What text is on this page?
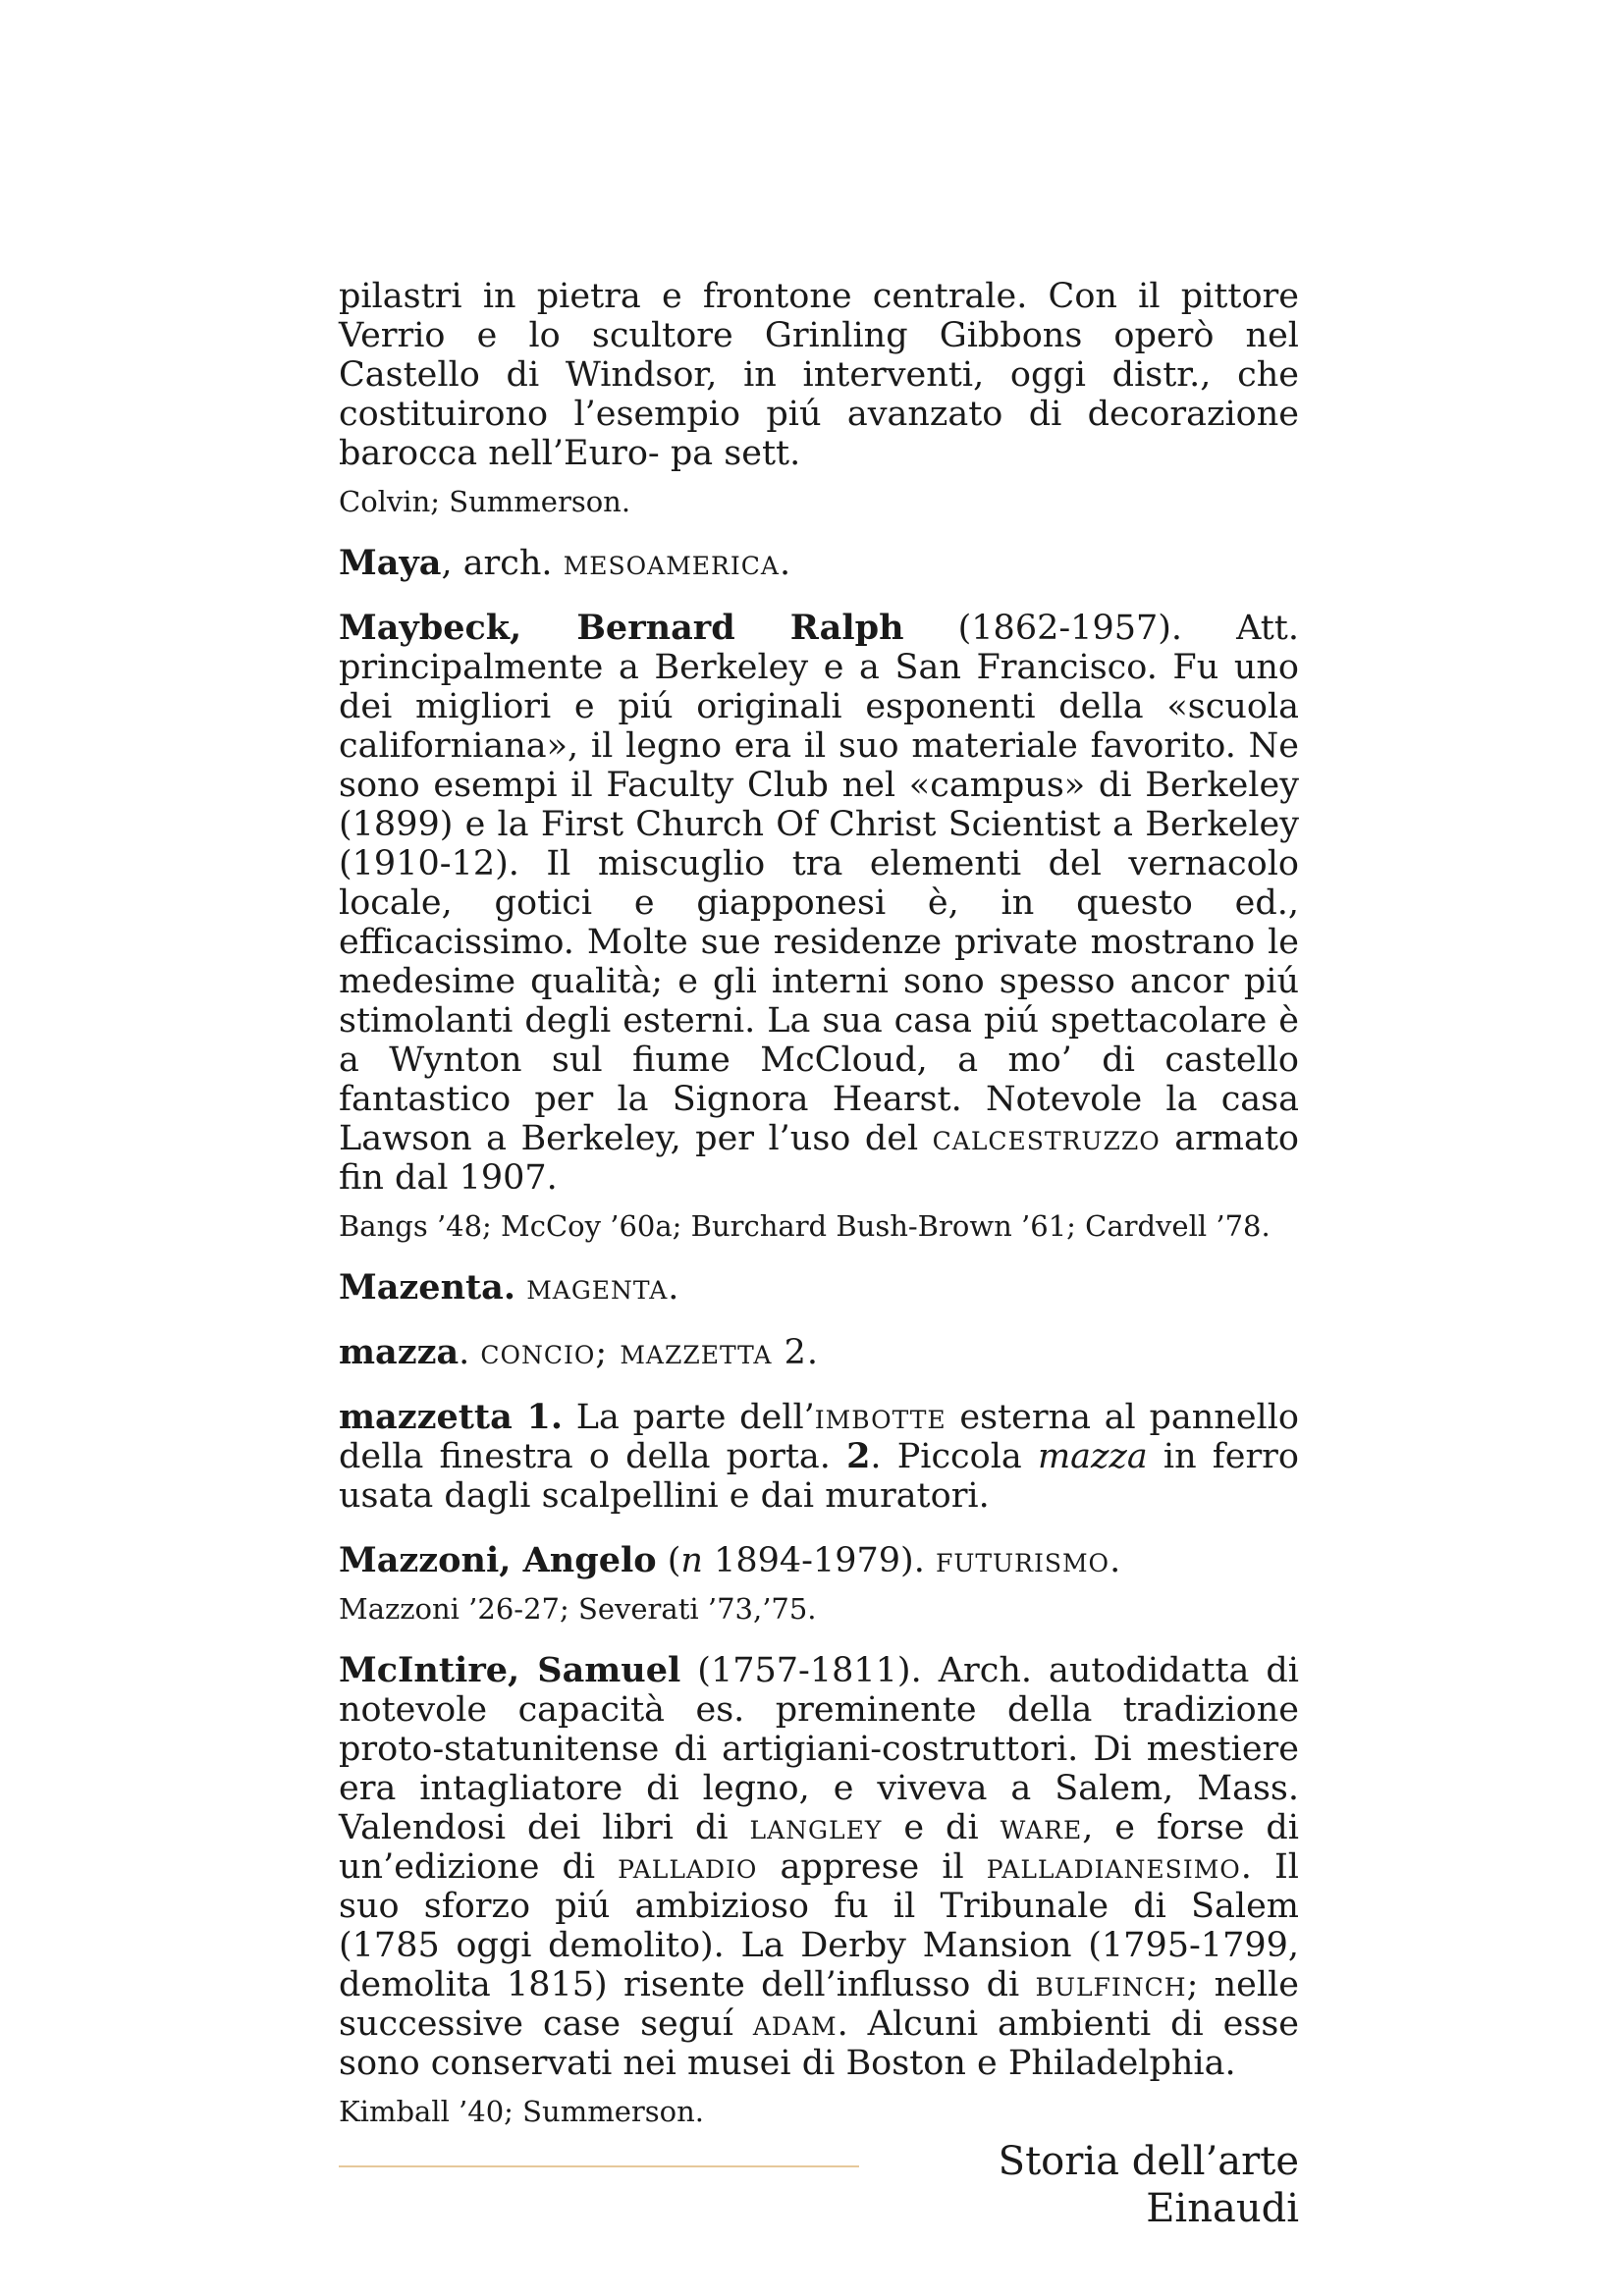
pilastri in pietra e frontone centrale. Con il pittore Verrio e lo scultore Grinling Gibbons operò nel Castello di Windsor, in interventi, oggi distr., che costituirono l’esempio piú avanzato di decorazione barocca nell’Euro- pa sett.

Colvin; Summerson.

Maya, arch. mesoamerica.

Maybeck, Bernard Ralph (1862-1957). Att. principalmente a Berkeley e a San Francisco. Fu uno dei migliori e piú originali esponenti della «scuola californiana», il legno era il suo materiale favorito. Ne sono esempi il Faculty Club nel «campus» di Berkeley (1899) e la First Church Of Christ Scientist a Berkeley (1910-12). Il miscuglio tra elementi del vernacolo locale, gotici e giapponesi è, in questo ed., efficacissimo. Molte sue residenze private mostrano le medesime qualità; e gli interni sono spesso ancor piú stimolanti degli esterni. La sua casa piú spettacolare è a Wynton sul fiume McCloud, a mo’ di castello fantastico per la Signora Hearst. Notevole la casa Lawson a Berkeley, per l’uso del calcestruzzo armato fin dal 1907.

Bangs ’48; McCoy ’60a; Burchard Bush-Brown ’61; Cardvell ’78.

Mazenta. magenta.

mazza. concio; mazzetta 2.

mazzetta 1. La parte dell’imbotte esterna al pannello della finestra o della porta. 2. Piccola mazza in ferro usata dagli scalpellini e dai muratori.

Mazzoni, Angelo (n 1894-1979). futurismo.

Mazzoni ’26-27; Severati ’73,’75.

McIntire, Samuel (1757-1811). Arch. autodidatta di notevole capacità es. preminente della tradizione proto-statunitense di artigiani-costruttori. Di mestiere era intagliatore di legno, e viveva a Salem, Mass. Valendosi dei libri di langley e di ware, e forse di un’edizione di palladio apprese il palladianesimo. Il suo sforzo piú ambizioso fu il Tribunale di Salem (1785 oggi demolito). La Derby Mansion (1795-1799, demolita 1815) risente dell’influsso di bulfinch; nelle successive case seguí adam. Alcuni ambienti di esse sono conservati nei musei di Boston e Philadelphia.

Kimball ’40; Summerson.

Storia dell’arte Einaudi
